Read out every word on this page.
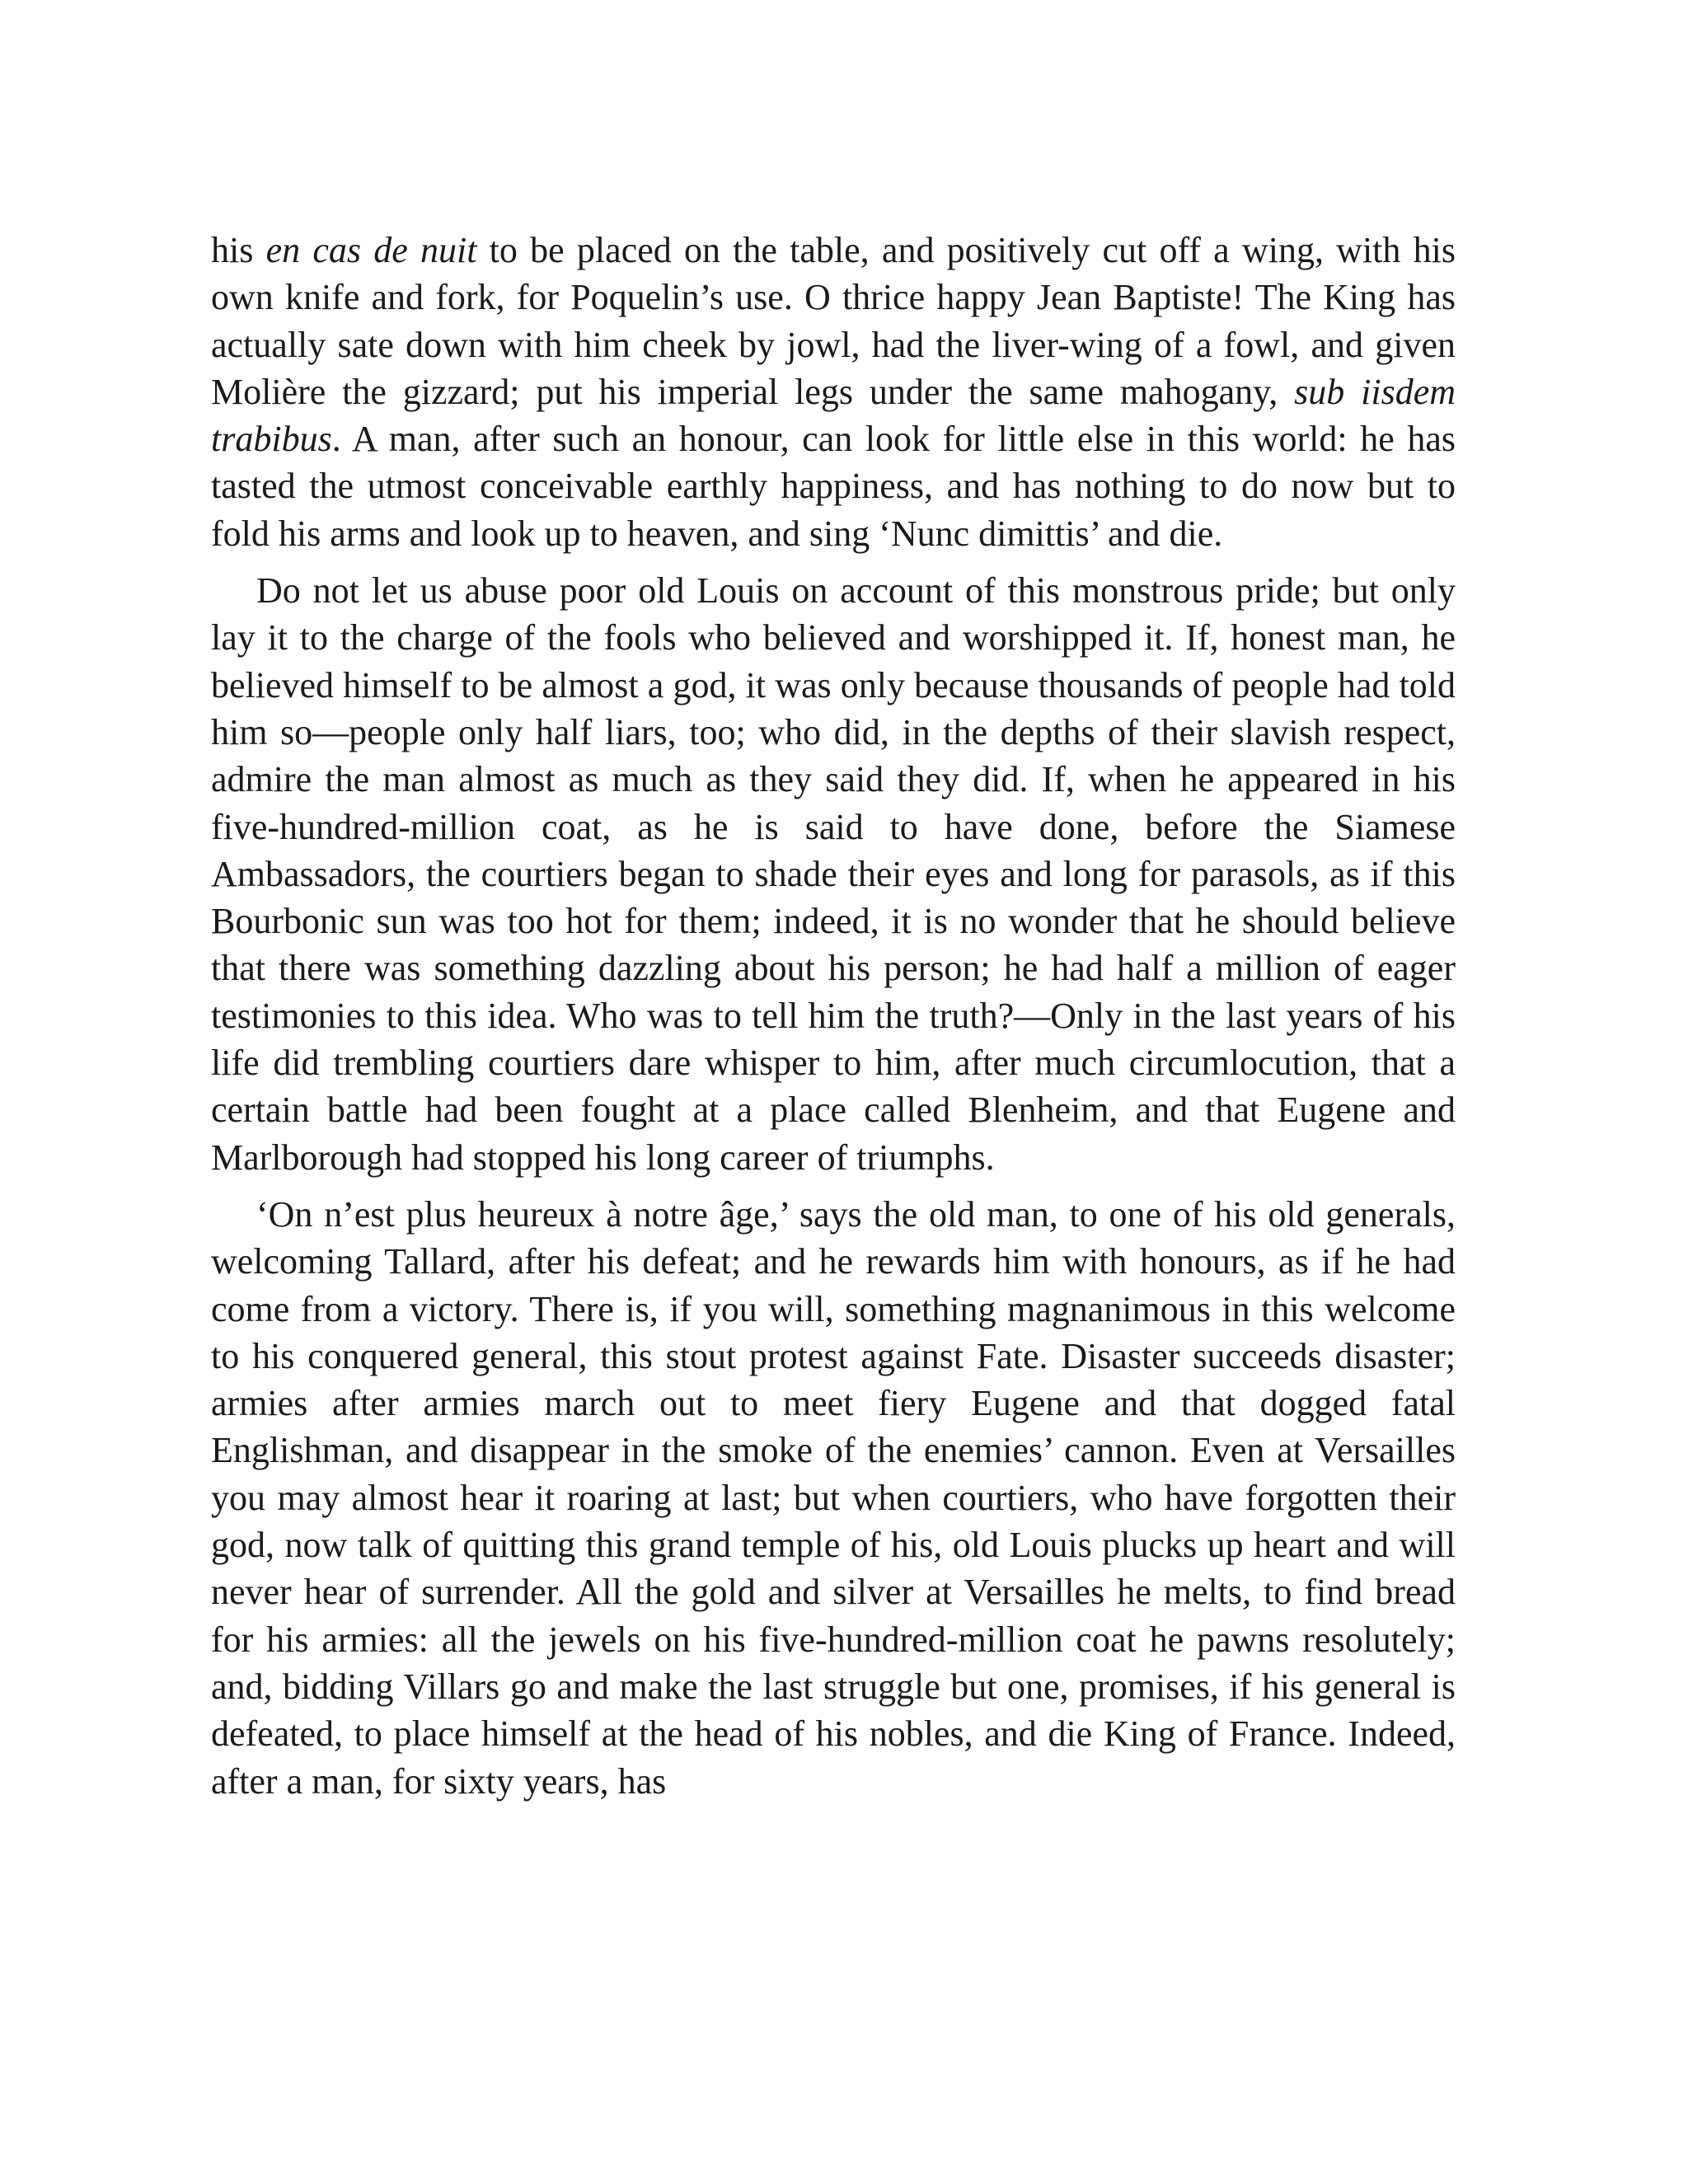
his en cas de nuit to be placed on the table, and positively cut off a wing, with his own knife and fork, for Poquelin’s use. O thrice happy Jean Baptiste! The King has actually sate down with him cheek by jowl, had the liver-wing of a fowl, and given Molière the gizzard; put his imperial legs under the same mahogany, sub iisdem trabibus. A man, after such an honour, can look for little else in this world: he has tasted the utmost conceivable earthly happiness, and has nothing to do now but to fold his arms and look up to heaven, and sing ‘Nunc dimittis’ and die.

Do not let us abuse poor old Louis on account of this monstrous pride; but only lay it to the charge of the fools who believed and worshipped it. If, honest man, he believed himself to be almost a god, it was only because thousands of people had told him so—people only half liars, too; who did, in the depths of their slavish respect, admire the man almost as much as they said they did. If, when he appeared in his five-hundred-million coat, as he is said to have done, before the Siamese Ambassadors, the courtiers began to shade their eyes and long for parasols, as if this Bourbonic sun was too hot for them; indeed, it is no wonder that he should believe that there was something dazzling about his person; he had half a million of eager testimonies to this idea. Who was to tell him the truth?—Only in the last years of his life did trembling courtiers dare whisper to him, after much circumlocution, that a certain battle had been fought at a place called Blenheim, and that Eugene and Marlborough had stopped his long career of triumphs.

‘On n’est plus heureux à notre âge,’ says the old man, to one of his old generals, welcoming Tallard, after his defeat; and he rewards him with honours, as if he had come from a victory. There is, if you will, something magnanimous in this welcome to his conquered general, this stout protest against Fate. Disaster succeeds disaster; armies after armies march out to meet fiery Eugene and that dogged fatal Englishman, and disappear in the smoke of the enemies’ cannon. Even at Versailles you may almost hear it roaring at last; but when courtiers, who have forgotten their god, now talk of quitting this grand temple of his, old Louis plucks up heart and will never hear of surrender. All the gold and silver at Versailles he melts, to find bread for his armies: all the jewels on his five-hundred-million coat he pawns resolutely; and, bidding Villars go and make the last struggle but one, promises, if his general is defeated, to place himself at the head of his nobles, and die King of France. Indeed, after a man, for sixty years, has
